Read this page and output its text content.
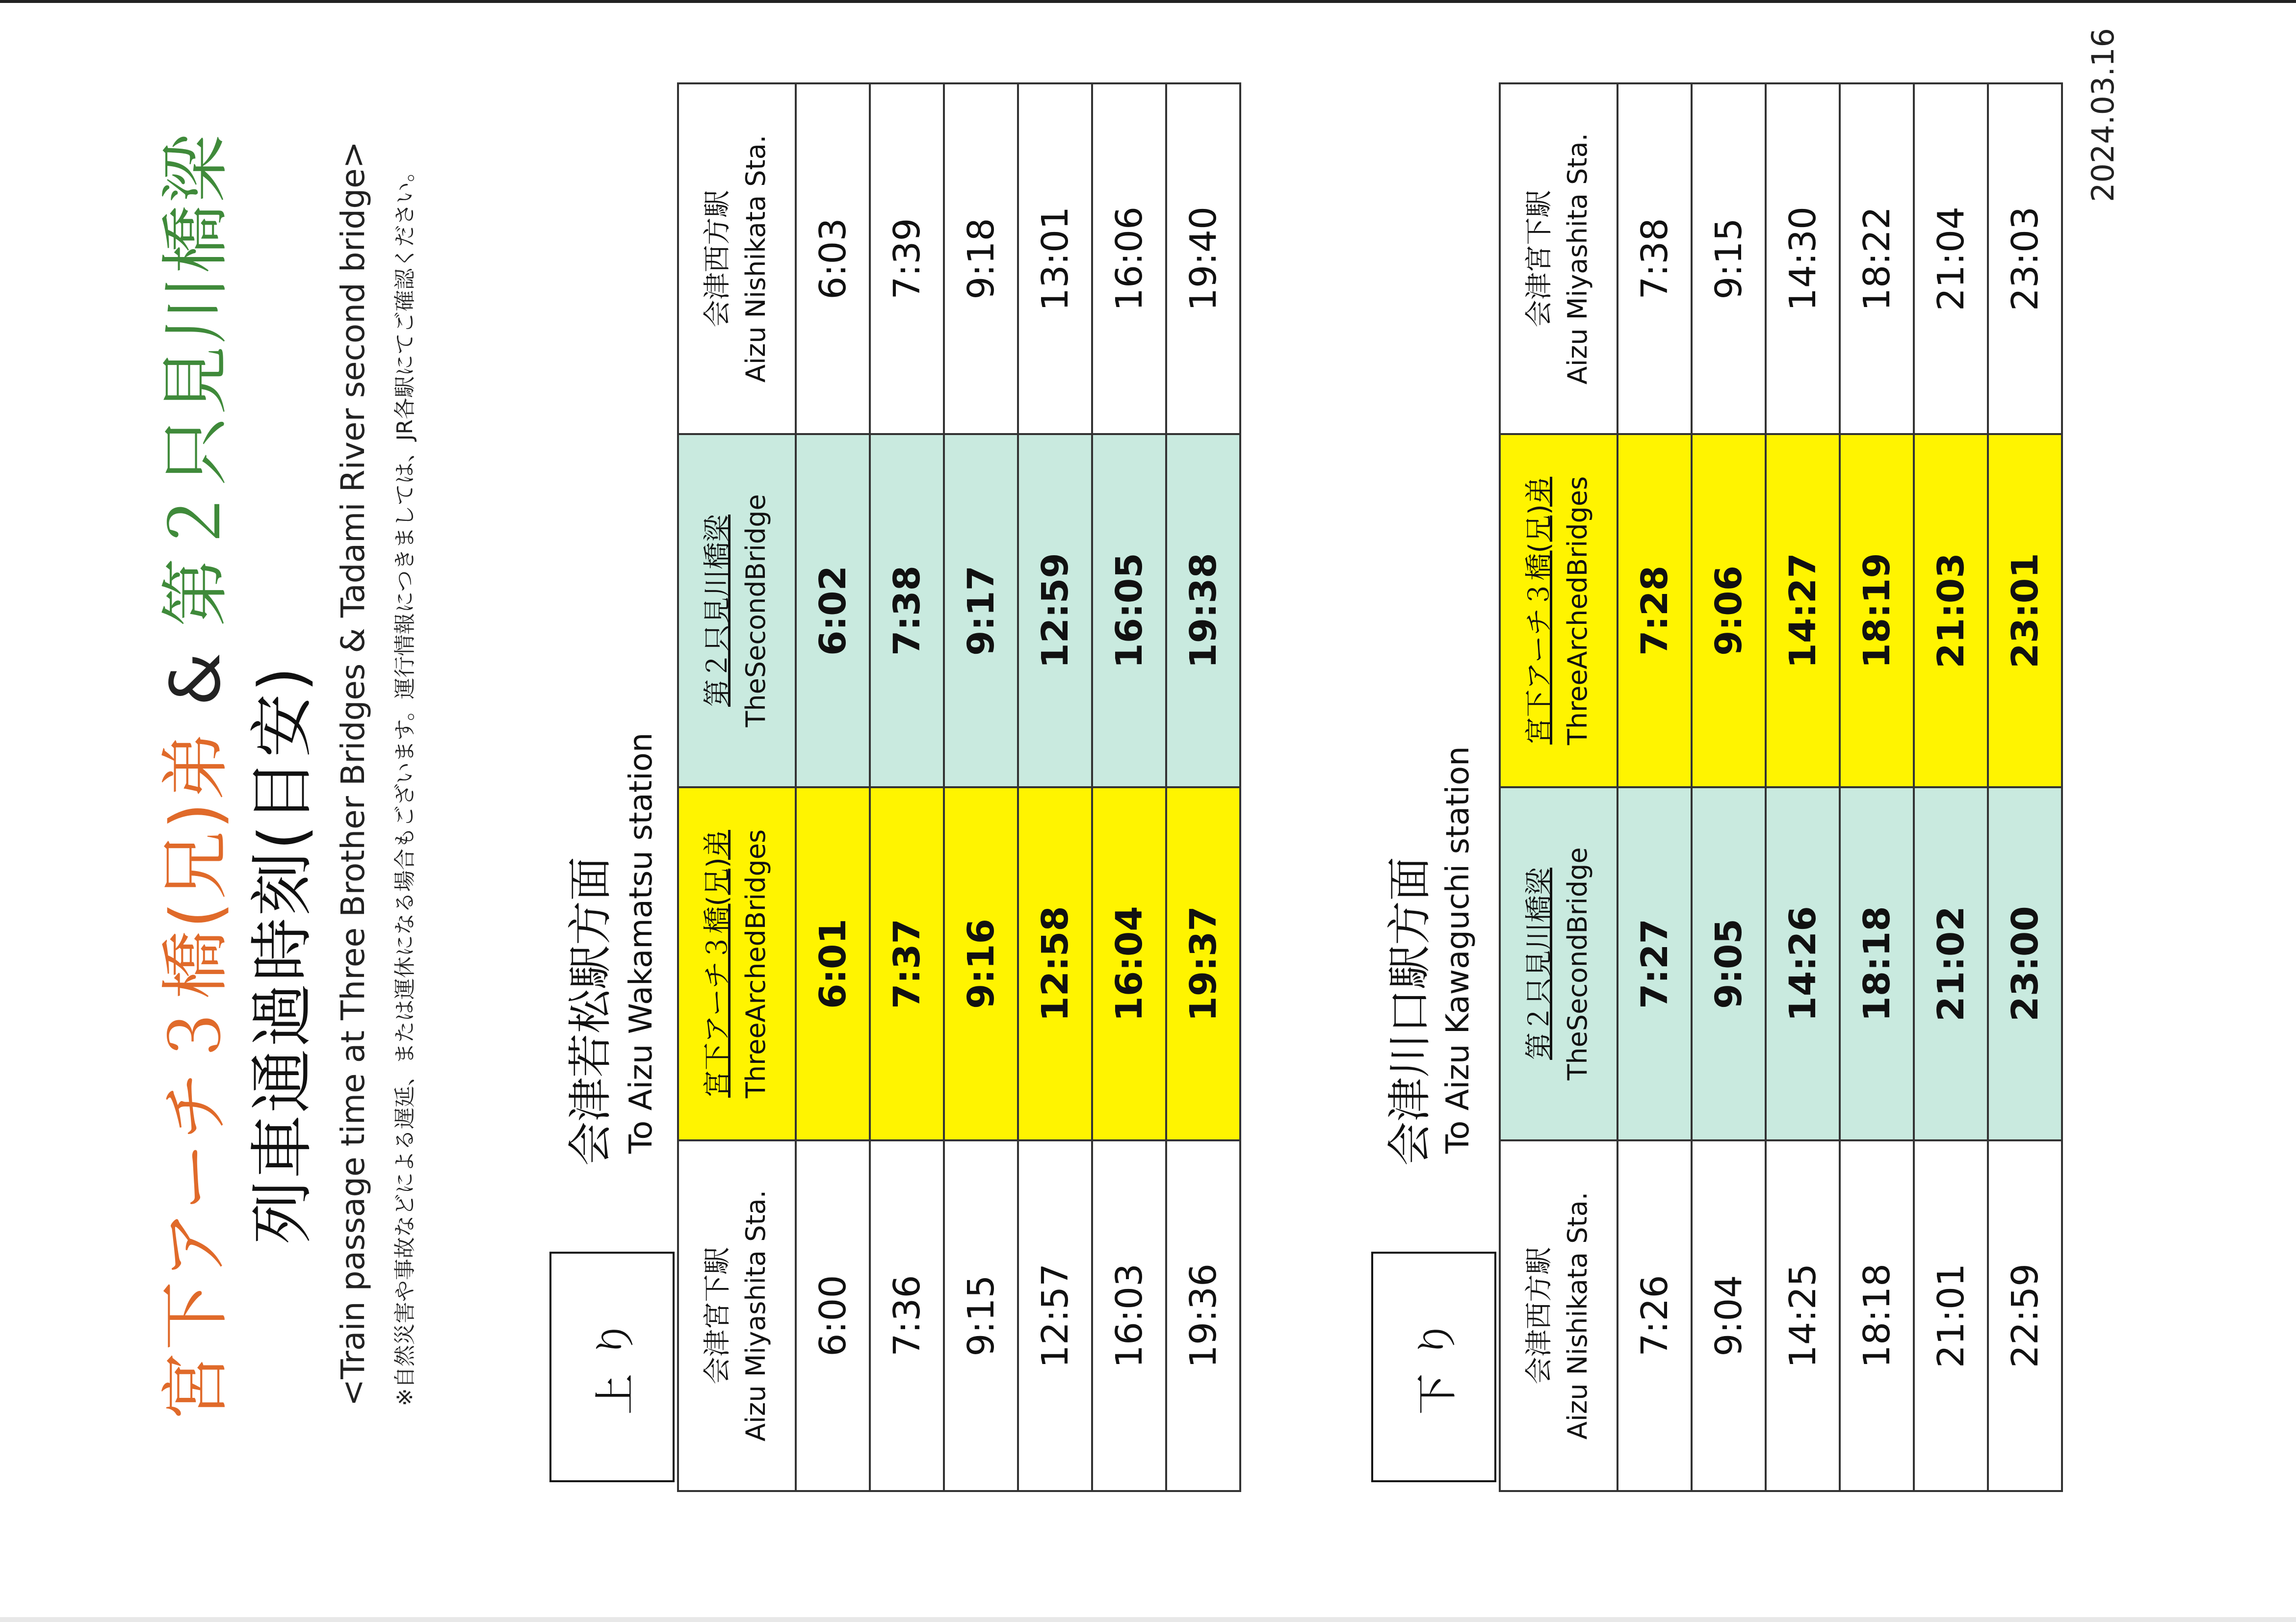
宮下アーチ３橋(兄)弟 & 第２只見川橋梁
列車通過時刻(目安) <Train passage time at Three Brother Bridges & Tadami River second bridge> ※自然災害や事故などによる遅延、または運休になる場合もございます。運行情報につきましては、JR各駅にてご確認ください。	上 り
会津若松駅方面 To Aizu Wakamatsu station
会津宮下駅 Aizu Miyashita Sta.	宮下アーチ３橋(兄)弟 ThreeArchedBridges	第２只見川橋梁 TheSecondBridge	会津西方駅 Aizu Nishikata Sta.

6:00	6:01	6:02	6:03
7:36	7:37	7:38	7:39
9:15	9:16	9:17	9:18
12:57	12:58	12:59	13:01
16:03	16:04	16:05	16:06
19:36	19:37	19:38	19:40
下 り
会津川口駅方面 To Aizu Kawaguchi station
会津西方駅 Aizu Nishikata Sta.	第２只見川橋梁 TheSecondBridge	宮下アーチ３橋(兄)弟 ThreeArchedBridges	会津宮下駅 Aizu Miyashita Sta.

7:26	7:27	7:28	7:38
9:04	9:05	9:06	9:15
14:25	14:26	14:27	14:30
18:18	18:18	18:19	18:22
21:01	21:02	21:03	21:04
22:59	23:00	23:01	23:03
2024.03.16
